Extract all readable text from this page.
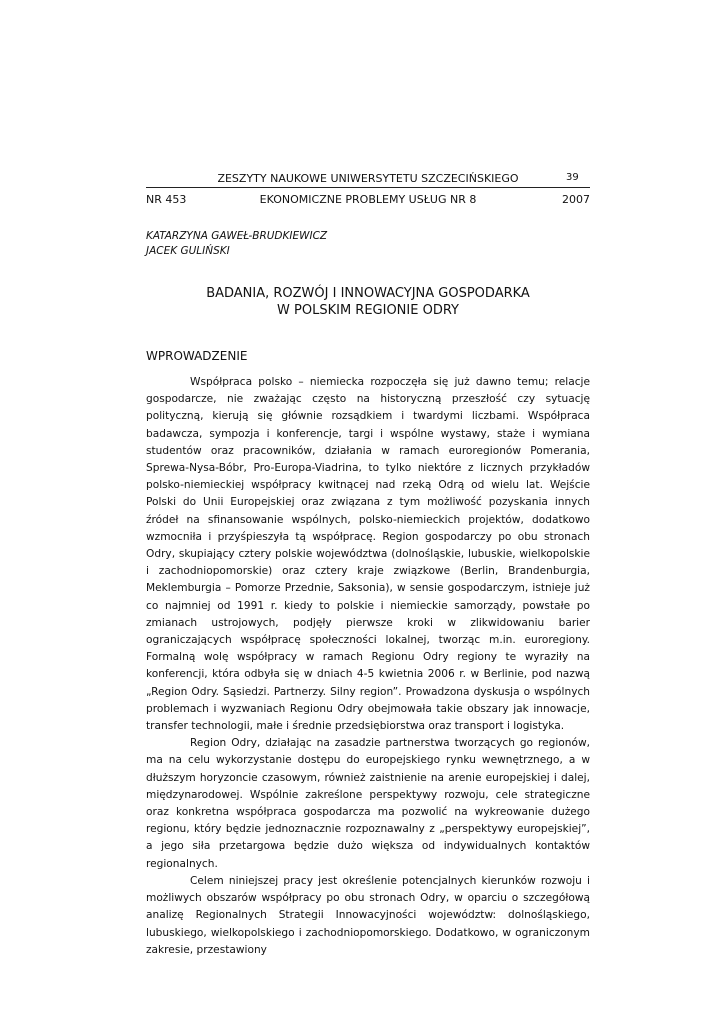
ZESZYTY NAUKOWE UNIWERSYTETU SZCZECIŃSKIEGO	39
NR 453	EKONOMICZNE PROBLEMY USŁUG NR 8	2007
KATARZYNA GAWEŁ-BRUDKIEWICZ
JACEK GULIŃSKI
BADANIA, ROZWÓJ I INNOWACYJNA GOSPODARKA
W POLSKIM REGIONIE ODRY
WPROWADZENIE

Współpraca polsko – niemiecka rozpoczęła się już dawno temu; relacje gospodarcze, nie zważając często na historyczną przeszłość czy sytuację polityczną, kierują się głównie rozsądkiem i twardymi liczbami. Współpraca badawcza, sympozja i konferencje, targi i wspólne wystawy, staże i wymiana studentów oraz pracowników, działania w ramach euroregionów Pomerania, Sprewa-Nysa-Bóbr, Pro-Europa-Viadrina, to tylko niektóre z licznych przykładów polsko-niemieckiej współpracy kwitnącej nad rzeką Odrą od wielu lat. Wejście Polski do Unii Europejskiej oraz związana z tym możliwość pozyskania innych źródeł na sfinansowanie wspólnych, polsko-niemieckich projektów, dodatkowo wzmocniła i przyśpieszyła tą współpracę. Region gospodarczy po obu stronach Odry, skupiający cztery polskie województwa (dolnośląskie, lubuskie, wielkopolskie i zachodniopomorskie) oraz cztery kraje związkowe (Berlin, Brandenburgia, Meklemburgia – Pomorze Przednie, Saksonia), w sensie gospodarczym, istnieje już co najmniej od 1991 r. kiedy to polskie i niemieckie samorządy, powstałe po zmianach ustrojowych, podjęły pierwsze kroki w zlikwidowaniu barier ograniczających współpracę społeczności lokalnej, tworząc m.in. euroregiony. Formalną wolę współpracy w ramach Regionu Odry regiony te wyraziły na konferencji, która odbyła się w dniach 4-5 kwietnia 2006 r. w Berlinie, pod nazwą „Region Odry. Sąsiedzi. Partnerzy. Silny region”. Prowadzona dyskusja o wspólnych problemach i wyzwaniach Regionu Odry obejmowała takie obszary jak innowacje, transfer technologii, małe i średnie przedsiębiorstwa oraz transport i logistyka.

Region Odry, działając na zasadzie partnerstwa tworzących go regionów, ma na celu wykorzystanie dostępu do europejskiego rynku wewnętrznego, a w dłuższym horyzoncie czasowym, również zaistnienie na arenie europejskiej i dalej, międzynarodowej. Wspólnie zakreślone perspektywy rozwoju, cele strategiczne oraz konkretna współpraca gospodarcza ma pozwolić na wykreowanie dużego regionu, który będzie jednoznacznie rozpoznawalny z „perspektywy europejskiej”, a jego siła przetargowa będzie dużo większa od indywidualnych kontaktów regionalnych.

Celem niniejszej pracy jest określenie potencjalnych kierunków rozwoju i możliwych obszarów współpracy po obu stronach Odry, w oparciu o szczegółową analizę Regionalnych Strategii Innowacyjności województw: dolnośląskiego, lubuskiego, wielkopolskiego i zachodniopomorskiego. Dodatkowo, w ograniczonym zakresie, przestawiony
